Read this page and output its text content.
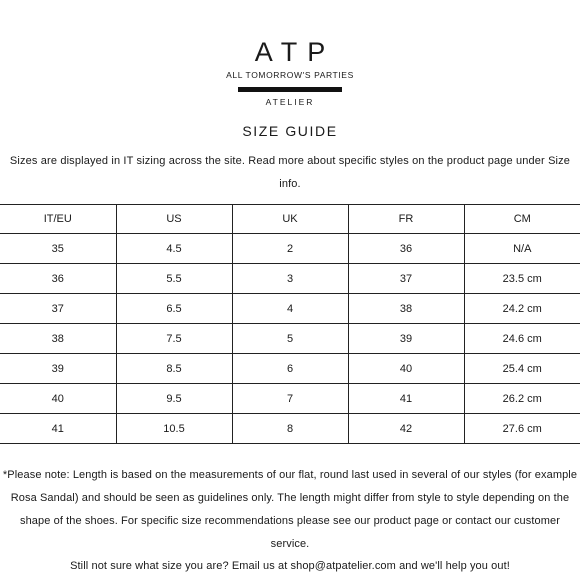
ATP
ALL TOMORROW'S PARTIES
ATELIER
SIZE GUIDE
Sizes are displayed in IT sizing across the site. Read more about specific styles on the product page under Size info.
IT/EU	US	UK	FR	CM
35	4.5	2	36	N/A
36	5.5	3	37	23.5 cm
37	6.5	4	38	24.2 cm
38	7.5	5	39	24.6 cm
39	8.5	6	40	25.4 cm
40	9.5	7	41	26.2 cm
41	10.5	8	42	27.6 cm
*Please note: Length is based on the measurements of our flat, round last used in several of our styles (for example Rosa Sandal) and should be seen as guidelines only. The length might differ from style to style depending on the shape of the shoes. For specific size recommendations please see our product page or contact our customer service.
Still not sure what size you are? Email us at shop@atpatelier.com and we'll help you out!
